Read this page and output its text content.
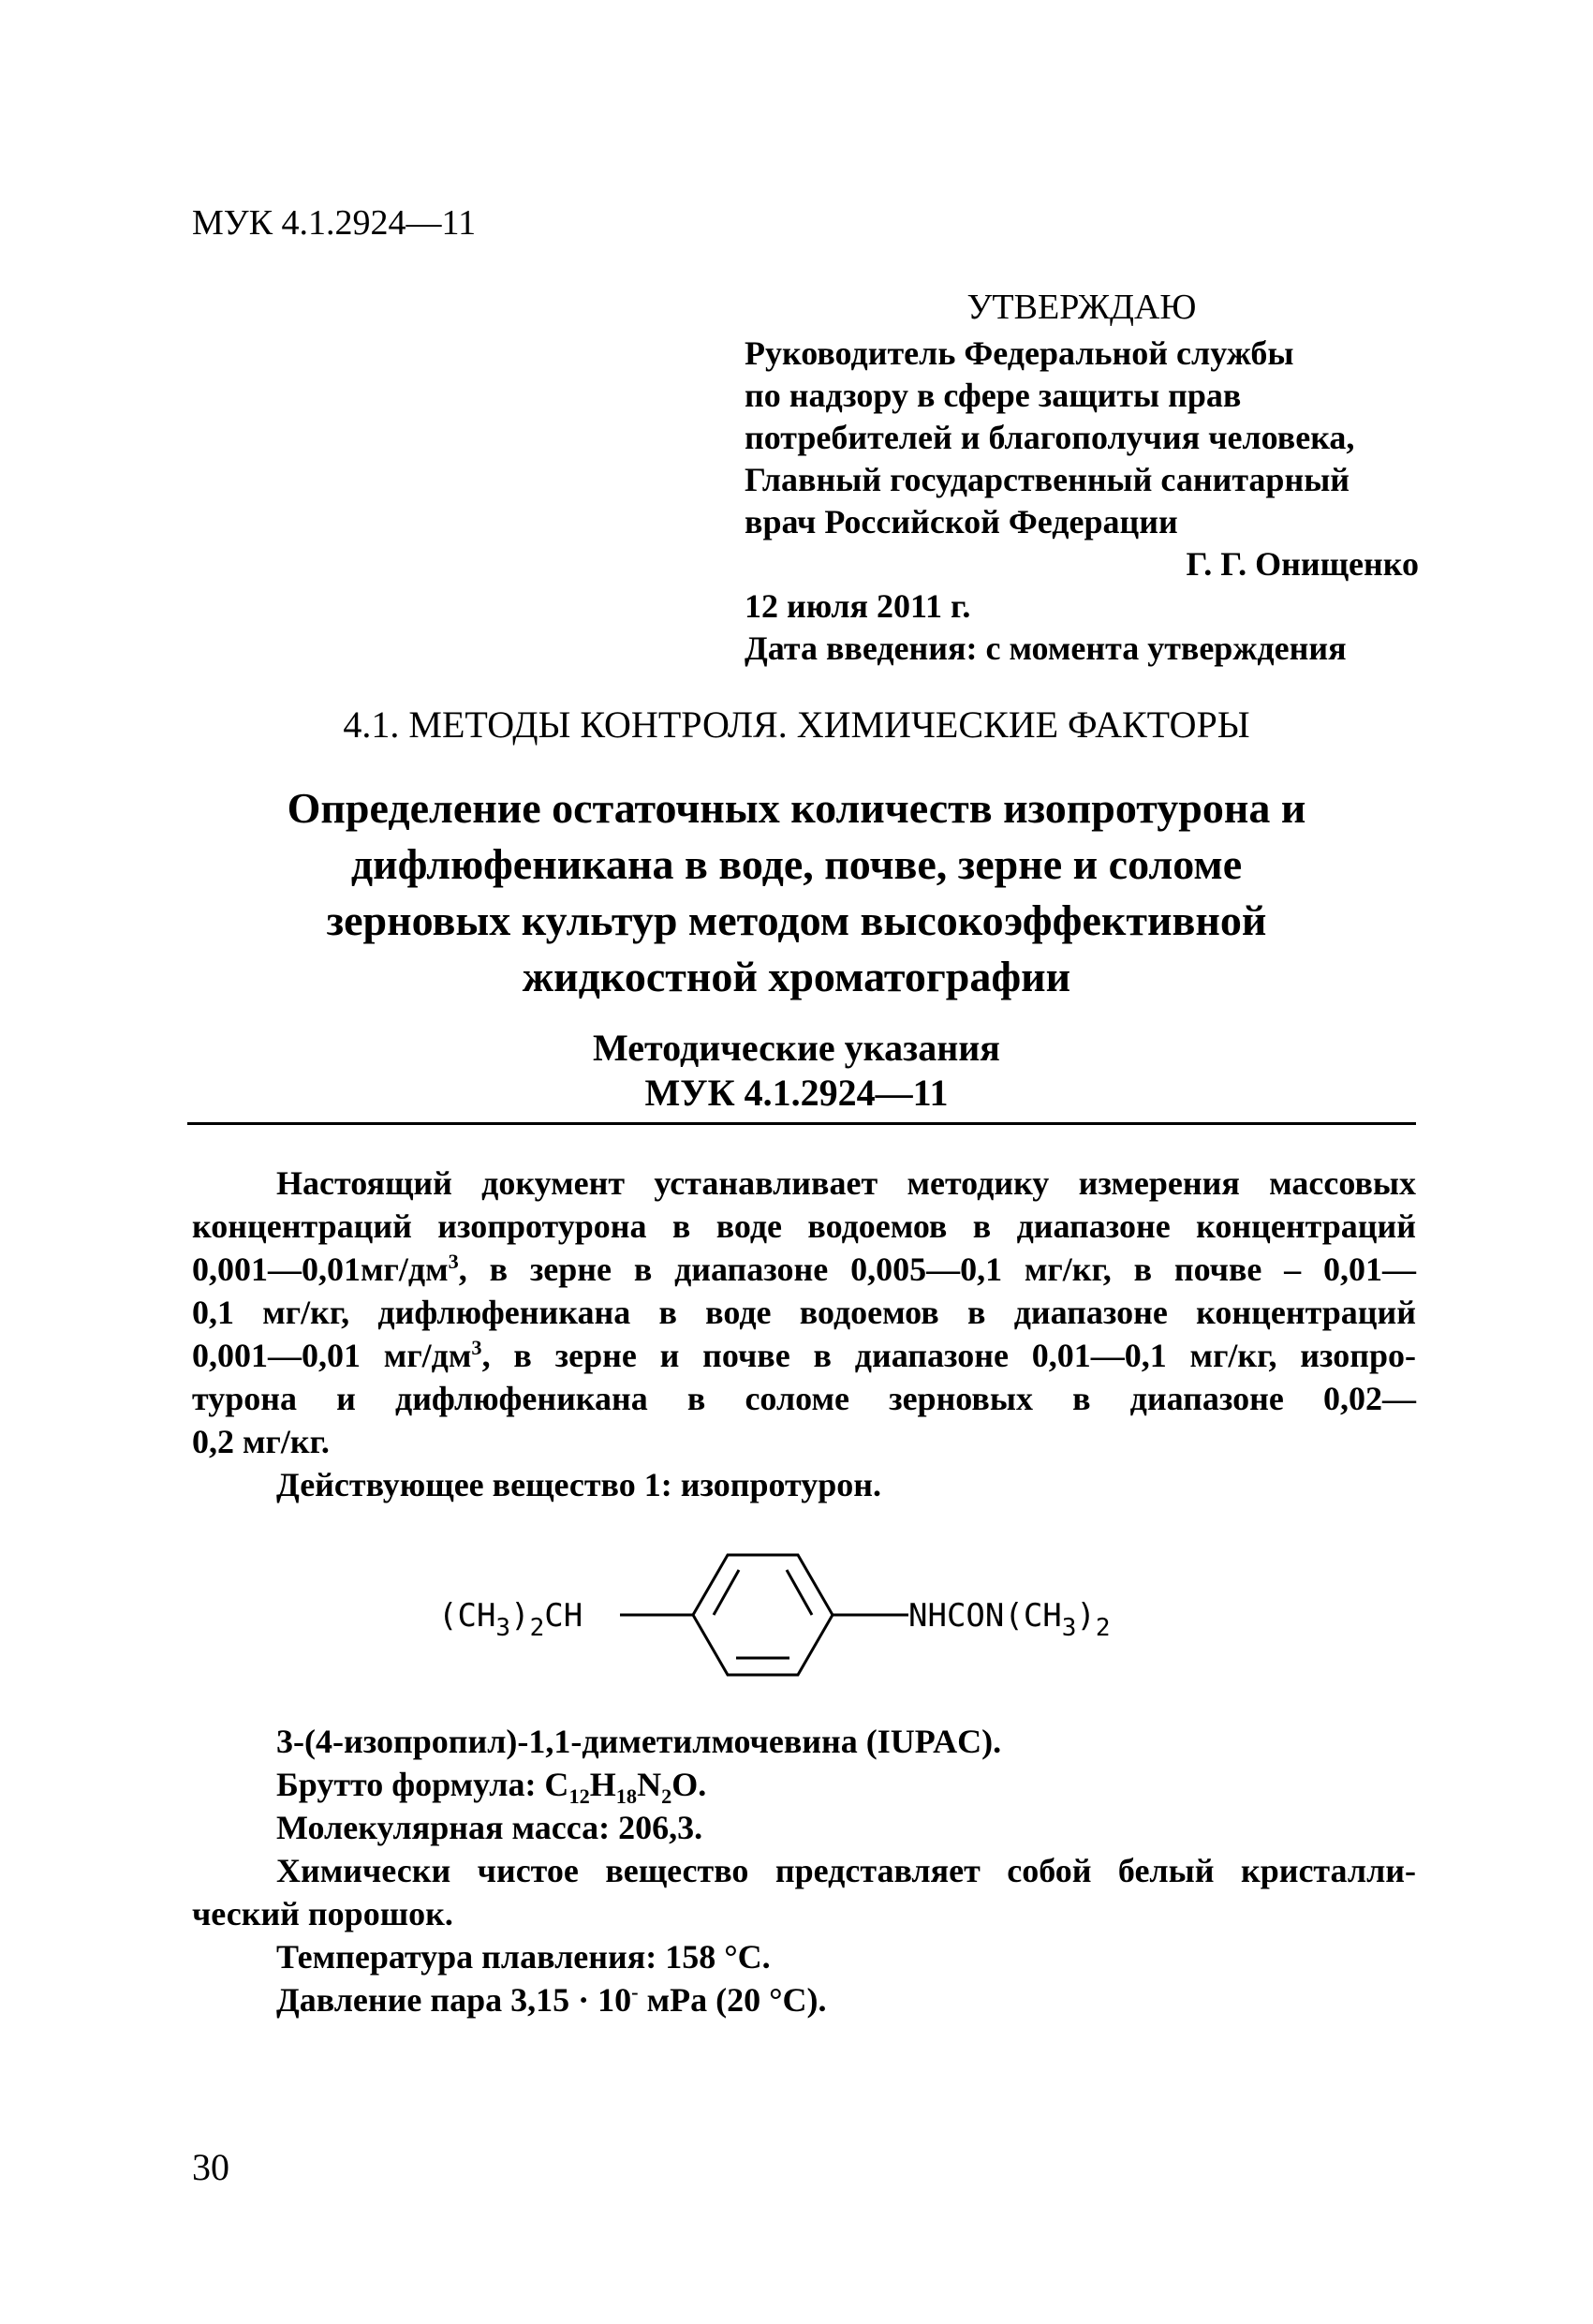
МУК 4.1.2924—11
УТВЕРЖДАЮ
Руководитель Федеральной службы
по надзору в сфере защиты прав
потребителей и благополучия человека,
Главный государственный санитарный
врач Российской Федерации
Г. Г. Онищенко
12 июля 2011 г.
Дата введения: с момента утверждения
4.1. МЕТОДЫ КОНТРОЛЯ. ХИМИЧЕСКИЕ ФАКТОРЫ
Определение остаточных количеств изопротурона и
дифлюфеникана в воде, почве, зерне и соломе
зерновых культур методом высокоэффективной
жидкостной хроматографии
Методические указания
МУК 4.1.2924—11
Настоящий документ устанавливает методику измерения массовых
концентраций изопротурона в воде водоемов в диапазоне концентраций
$0,001—0,01мг/дм^3$, в зерне в диапазоне 0,005—0,1 мг/кг, в почве – 0,01—
0,1 мг/кг, дифлюфеникана в воде водоемов в диапазоне концентраций
0,001—0,01 $мг/дм^3$, в зерне и почве в диапазоне 0,01—0,1 мг/кг, изопро-
турона и дифлюфеникана в соломе зерновых в диапазоне 0,02—
0,2 мг/кг.
Действующее вещество 1: изопротурон.
$(CH_3)_2CH$	$NHCON(CH_3)_2$
3-(4-изопропил)-1,1-диметилмочевина (IUPAC).
Брутто формула: $C_{12}H_{18}N_2O$.
Молекулярная масса: 206,3.
Химически чистое вещество представляет собой белый кристалли-
ческий порошок.
Температура плавления: 158 °С.
Давление пара 3,15 · 10- мРа (20 °С).
30
